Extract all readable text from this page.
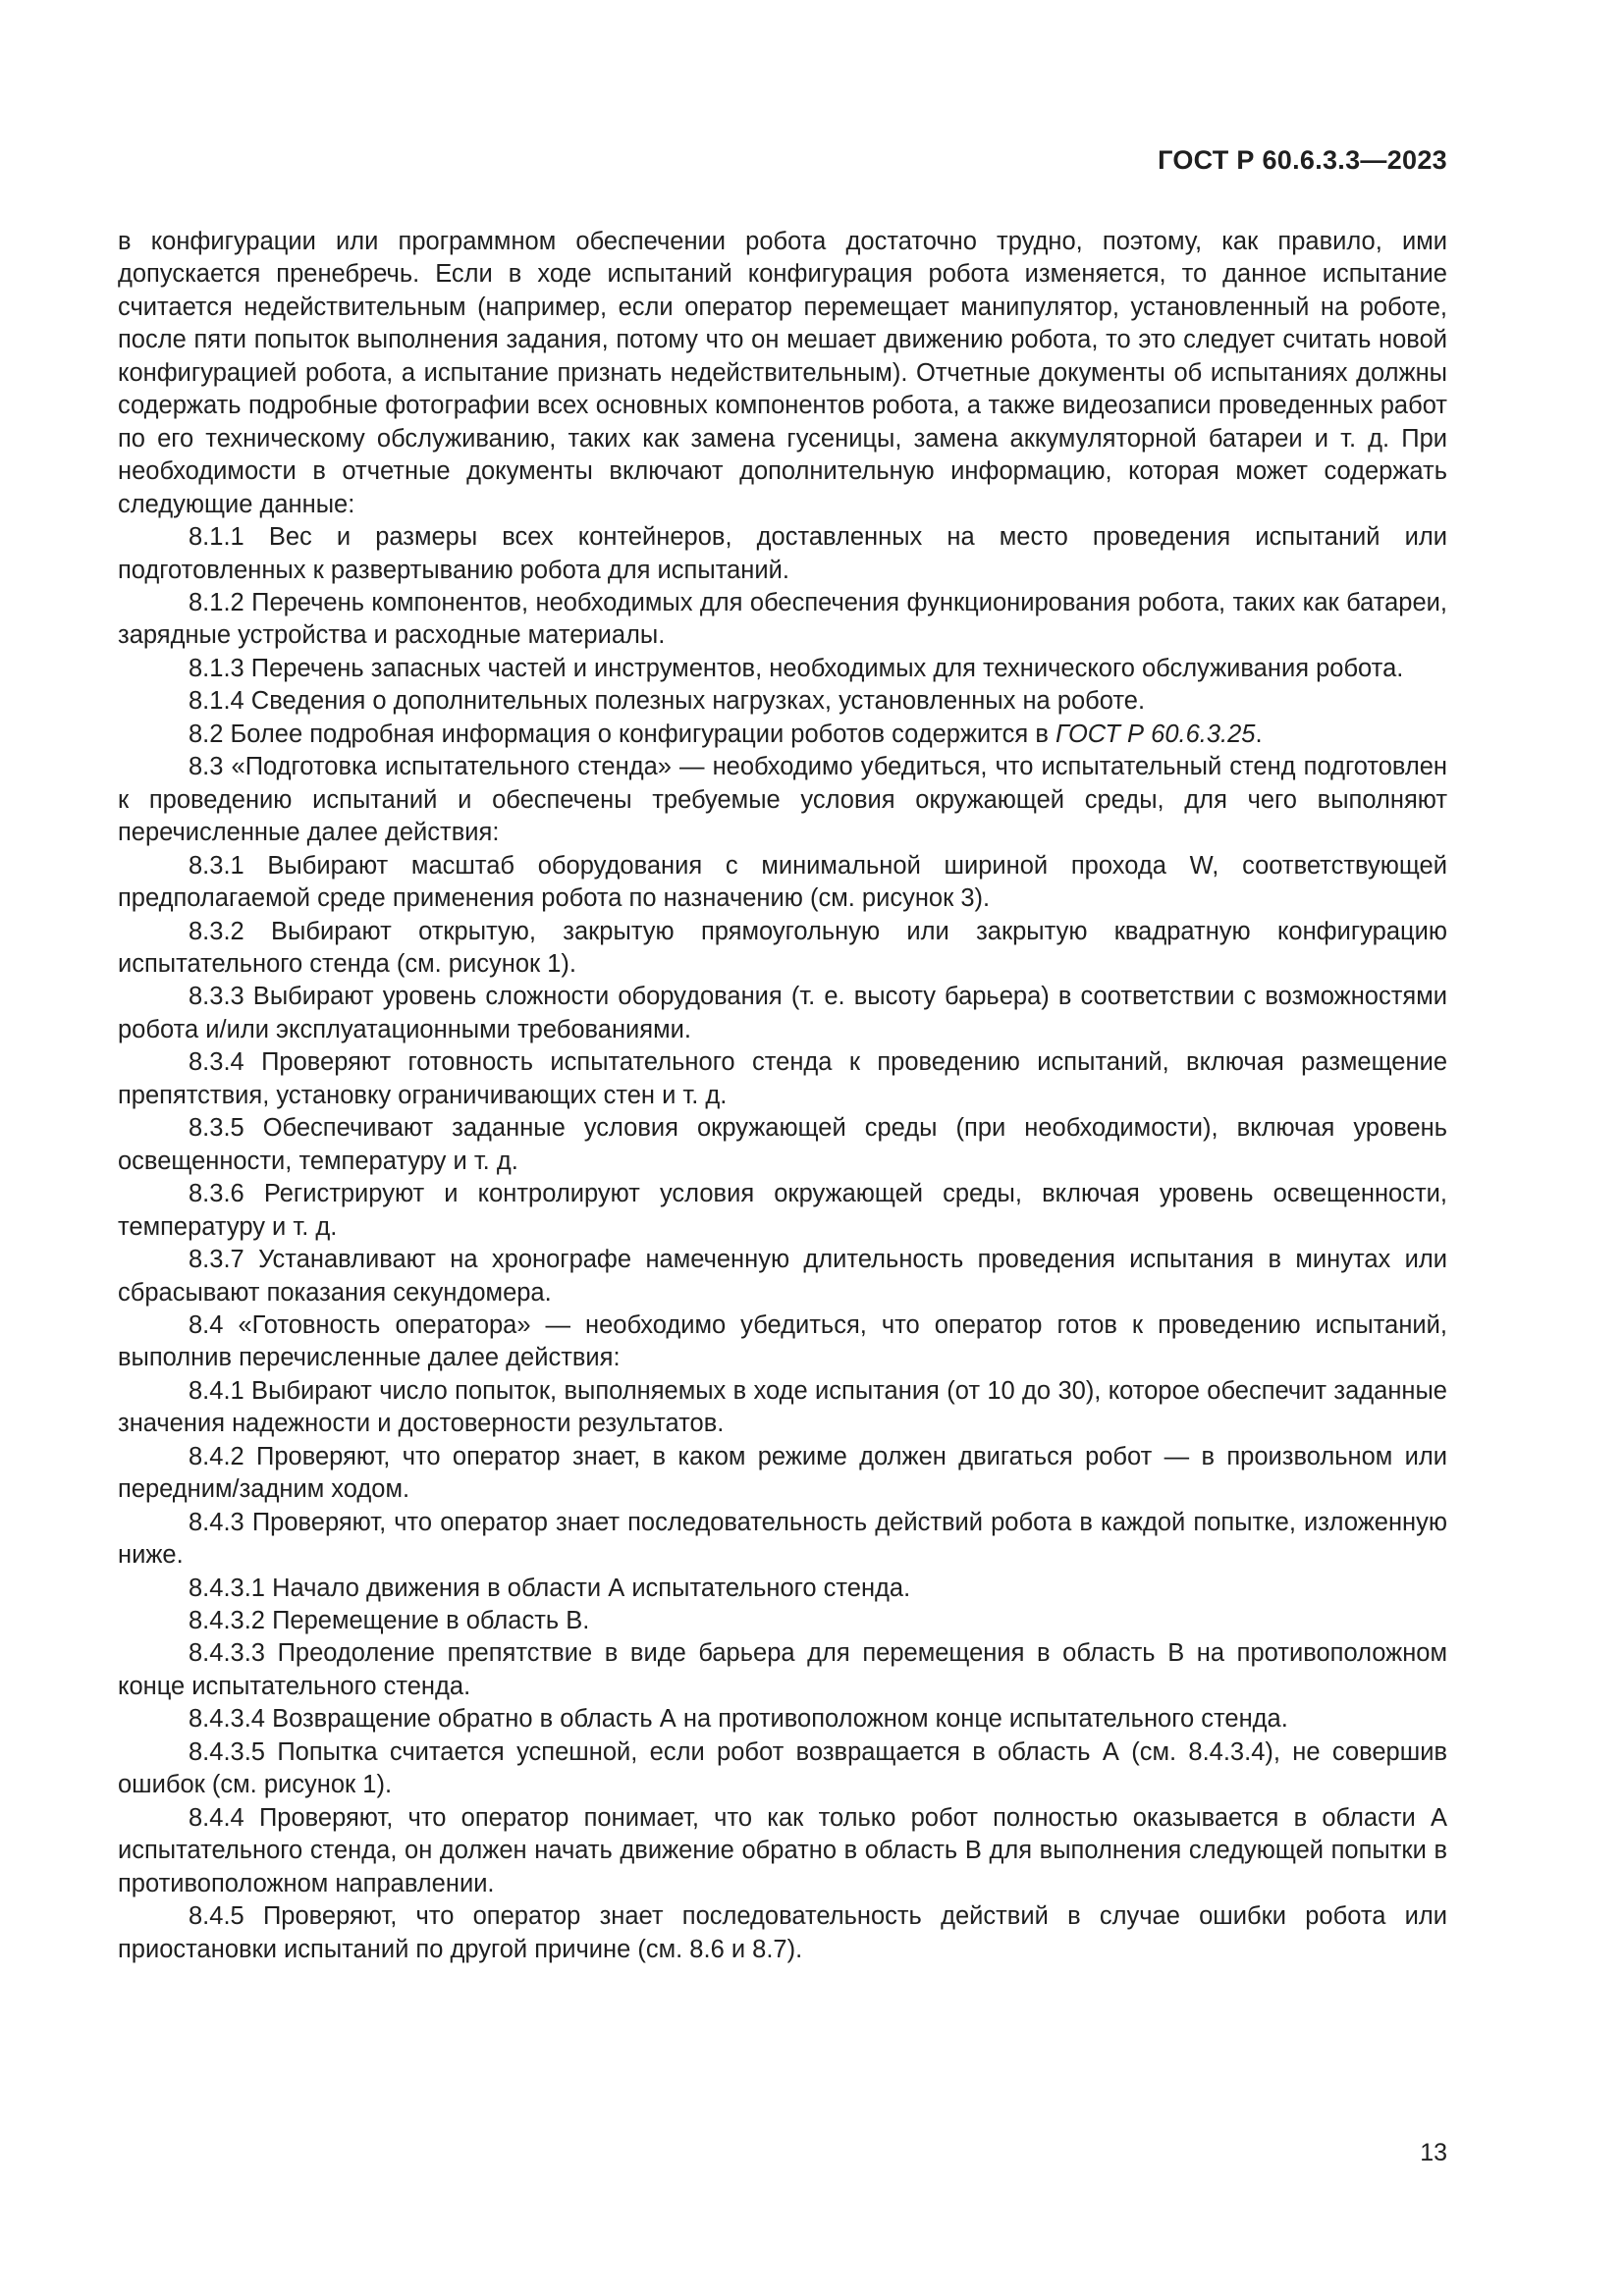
ГОСТ Р 60.6.3.3—2023

в конфигурации или программном обеспечении робота достаточно трудно, поэтому, как правило, ими допускается пренебречь. Если в ходе испытаний конфигурация робота изменяется, то данное испытание считается недействительным (например, если оператор перемещает манипулятор, установленный на роботе, после пяти попыток выполнения задания, потому что он мешает движению робота, то это следует считать новой конфигурацией робота, а испытание признать недействительным). Отчетные документы об испытаниях должны содержать подробные фотографии всех основных компонентов робота, а также видеозаписи проведенных работ по его техническому обслуживанию, таких как замена гусеницы, замена аккумуляторной батареи и т. д. При необходимости в отчетные документы включают дополнительную информацию, которая может содержать следующие данные:

8.1.1 Вес и размеры всех контейнеров, доставленных на место проведения испытаний или подготовленных к развертыванию робота для испытаний.

8.1.2 Перечень компонентов, необходимых для обеспечения функционирования робота, таких как батареи, зарядные устройства и расходные материалы.

8.1.3 Перечень запасных частей и инструментов, необходимых для технического обслуживания робота.

8.1.4 Сведения о дополнительных полезных нагрузках, установленных на роботе.

8.2 Более подробная информация о конфигурации роботов содержится в ГОСТ Р 60.6.3.25.

8.3 «Подготовка испытательного стенда» — необходимо убедиться, что испытательный стенд подготовлен к проведению испытаний и обеспечены требуемые условия окружающей среды, для чего выполняют перечисленные далее действия:

8.3.1 Выбирают масштаб оборудования с минимальной шириной прохода W, соответствующей предполагаемой среде применения робота по назначению (см. рисунок 3).

8.3.2 Выбирают открытую, закрытую прямоугольную или закрытую квадратную конфигурацию испытательного стенда (см. рисунок 1).

8.3.3 Выбирают уровень сложности оборудования (т. е. высоту барьера) в соответствии с возможностями робота и/или эксплуатационными требованиями.

8.3.4 Проверяют готовность испытательного стенда к проведению испытаний, включая размещение препятствия, установку ограничивающих стен и т. д.

8.3.5 Обеспечивают заданные условия окружающей среды (при необходимости), включая уровень освещенности, температуру и т. д.

8.3.6 Регистрируют и контролируют условия окружающей среды, включая уровень освещенности, температуру и т. д.

8.3.7 Устанавливают на хронографе намеченную длительность проведения испытания в минутах или сбрасывают показания секундомера.

8.4 «Готовность оператора» — необходимо убедиться, что оператор готов к проведению испытаний, выполнив перечисленные далее действия:

8.4.1 Выбирают число попыток, выполняемых в ходе испытания (от 10 до 30), которое обеспечит заданные значения надежности и достоверности результатов.

8.4.2 Проверяют, что оператор знает, в каком режиме должен двигаться робот — в произвольном или передним/задним ходом.

8.4.3 Проверяют, что оператор знает последовательность действий робота в каждой попытке, изложенную ниже.

8.4.3.1 Начало движения в области А испытательного стенда.

8.4.3.2 Перемещение в область В.

8.4.3.3 Преодоление препятствие в виде барьера для перемещения в область В на противоположном конце испытательного стенда.

8.4.3.4 Возвращение обратно в область А на противоположном конце испытательного стенда.

8.4.3.5 Попытка считается успешной, если робот возвращается в область А (см. 8.4.3.4), не совершив ошибок (см. рисунок 1).

8.4.4 Проверяют, что оператор понимает, что как только робот полностью оказывается в области А испытательного стенда, он должен начать движение обратно в область В для выполнения следующей попытки в противоположном направлении.

8.4.5 Проверяют, что оператор знает последовательность действий в случае ошибки робота или приостановки испытаний по другой причине (см. 8.6 и 8.7).

13
